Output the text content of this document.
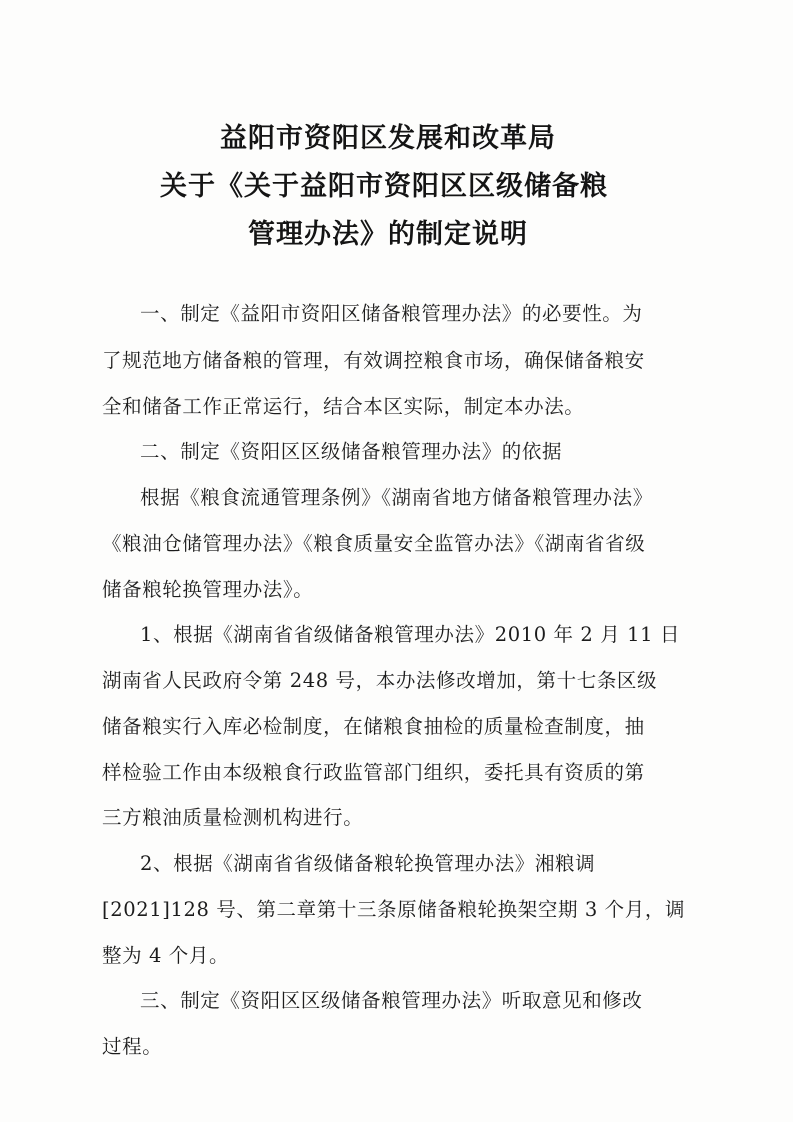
益阳市资阳区发展和改革局
关于《关于益阳市资阳区区级储备粮
管理办法》的制定说明
一、制定《益阳市资阳区储备粮管理办法》的必要性。为
了规范地方储备粮的管理，有效调控粮食市场，确保储备粮安
全和储备工作正常运行，结合本区实际，制定本办法。
二、制定《资阳区区级储备粮管理办法》的依据
根据《粮食流通管理条例》《湖南省地方储备粮管理办法》
《粮油仓储管理办法》《粮食质量安全监管办法》《湖南省省级
储备粮轮换管理办法》。
1、根据《湖南省省级储备粮管理办法》2010 年 2 月 11 日
湖南省人民政府令第 248 号，本办法修改增加，第十七条区级
储备粮实行入库必检制度，在储粮食抽检的质量检查制度，抽
样检验工作由本级粮食行政监管部门组织，委托具有资质的第
三方粮油质量检测机构进行。
2、根据《湖南省省级储备粮轮换管理办法》湘粮调
[2021]128 号、第二章第十三条原储备粮轮换架空期 3 个月，调
整为 4 个月。
三、制定《资阳区区级储备粮管理办法》听取意见和修改
过程。
